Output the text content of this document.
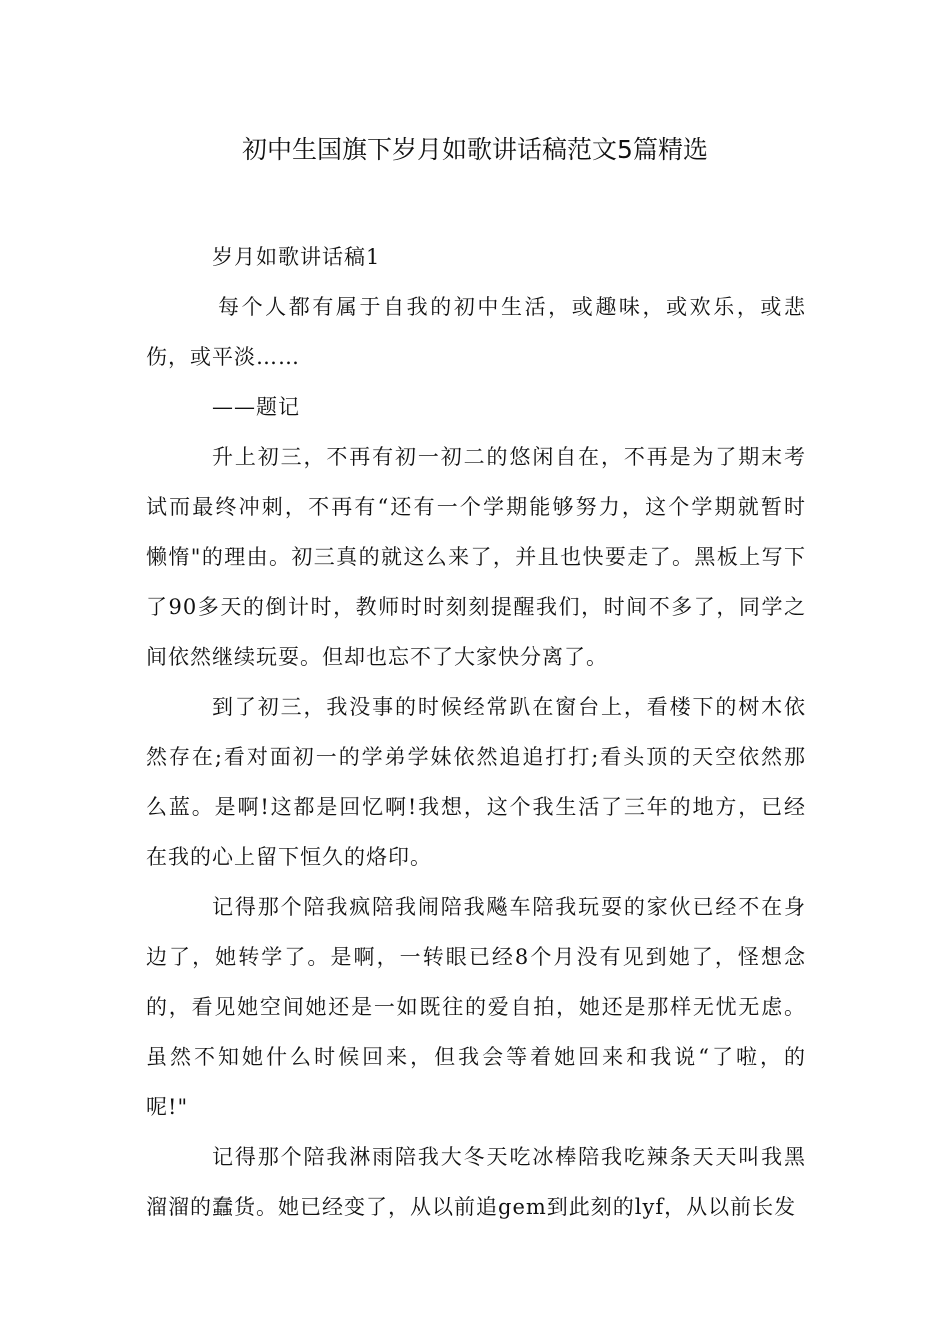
初中生国旗下岁月如歌讲话稿范文5篇精选

岁月如歌讲话稿1

每个人都有属于自我的初中生活，或趣味，或欢乐，或悲
伤，或平淡……

——题记

升上初三，不再有初一初二的悠闲自在，不再是为了期末考
试而最终冲刺，不再有“还有一个学期能够努力，这个学期就暂时
懒惰"的理由。初三真的就这么来了，并且也快要走了。黑板上写下
了90多天的倒计时，教师时时刻刻提醒我们，时间不多了，同学之
间依然继续玩耍。但却也忘不了大家快分离了。

到了初三，我没事的时候经常趴在窗台上，看楼下的树木依
然存在;看对面初一的学弟学妹依然追追打打;看头顶的天空依然那
么蓝。是啊!这都是回忆啊!我想，这个我生活了三年的地方，已经
在我的心上留下恒久的烙印。

记得那个陪我疯陪我闹陪我飚车陪我玩耍的家伙已经不在身
边了，她转学了。是啊，一转眼已经8个月没有见到她了，怪想念
的，看见她空间她还是一如既往的爱自拍，她还是那样无忧无虑。
虽然不知她什么时候回来，但我会等着她回来和我说“了啦，的
呢!"

记得那个陪我淋雨陪我大冬天吃冰棒陪我吃辣条天天叫我黑
溜溜的蠢货。她已经变了，从以前追gem到此刻的lyf，从以前长发
